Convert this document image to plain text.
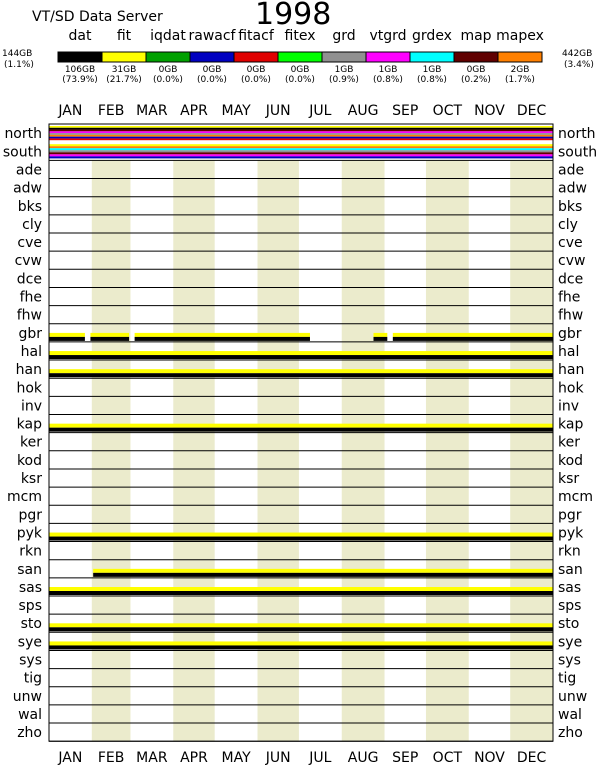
VT/SD Data Server	1998
144GB
(1.1%)
442GB
(3.4%)
dat
106GB
(73.9%)
fit
31GB
(21.7%)
iqdat
0GB
(0.0%)
rawacf
0GB
(0.0%)
fitacf
0GB
(0.0%)
fitex
0GB
(0.0%)
grd
1GB
(0.9%)
vtgrd
1GB
(0.8%)
grdex
1GB
(0.8%)
map
0GB
(0.2%)
mapex
2GB
(1.7%)
JAN FEB MAR APR MAY JUN JUL AUG SEP OCT NOV DEC
north	north
south	south
ade	ade
adw	adw
bks	bks
cly	cly
cve	cve
cvw	cvw
dce	dce
fhe	fhe
fhw	fhw
gbr	gbr
hal	hal
han	han
hok	hok
inv	inv
kap	kap
ker	ker
kod	kod
ksr	ksr
mcm	mcm
pgr	pgr
pyk	pyk
rkn	rkn
san	san
sas	sas
sps	sps
sto	sto
sye	sye
sys	sys
tig	tig
unw	unw
wal	wal
zho	zho
JAN FEB MAR APR MAY JUN JUL AUG SEP OCT NOV DEC
